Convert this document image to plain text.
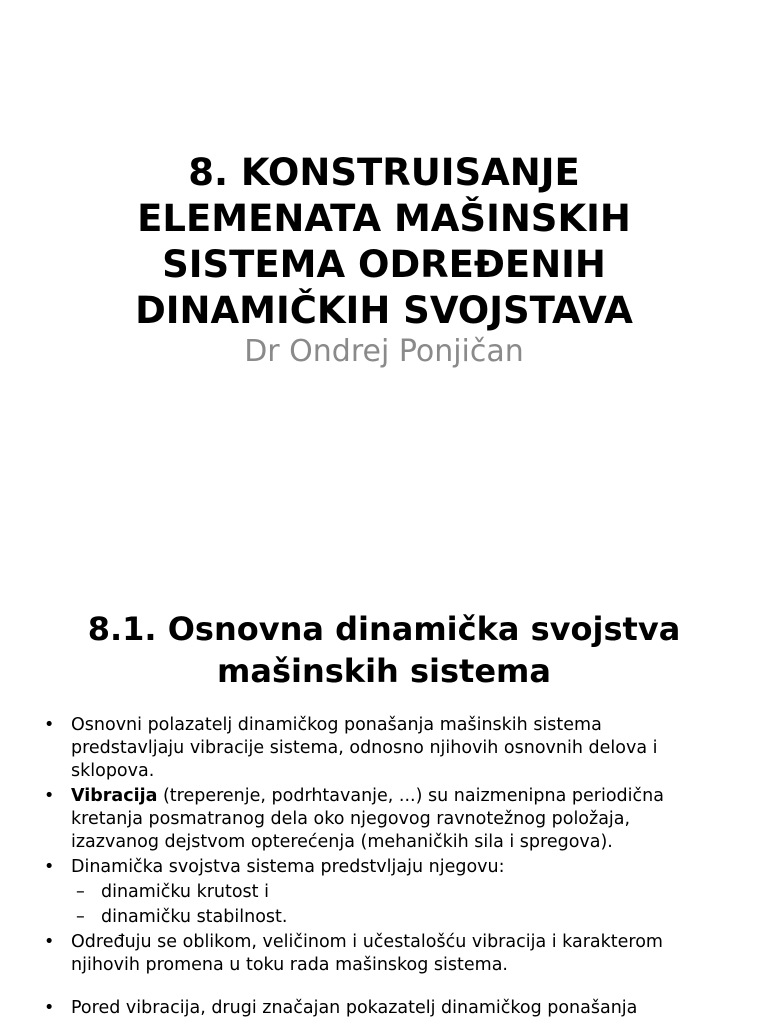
8. KONSTRUISANJE
ELEMENATA MAŠINSKIH
SISTEMA ODREĐENIH
DINAMIČKIH SVOJSTAVA
Dr Ondrej Ponjičan
8.1. Osnovna dinamička svojstva
mašinskih sistema
• Osnovni polazatelj dinamičkog ponašanja mašinskih sistema
predstavljaju vibracije sistema, odnosno njihovih osnovnih delova i
sklopova.
• Vibracija (treperenje, podrhtavanje, ...) su naizmenipna periodična
kretanja posmatranog dela oko njegovog ravnotežnog položaja,
izazvanog dejstvom opterećenja (mehaničkih sila i spregova).
• Dinamička svojstva sistema predstvljaju njegovu:
– dinamičku krutost i
– dinamičku stabilnost.
• Određuju se oblikom, veličinom i učestalošću vibracija i karakterom
njihovih promena u toku rada mašinskog sistema.
• Pored vibracija, drugi značajan pokazatelj dinamičkog ponašanja
